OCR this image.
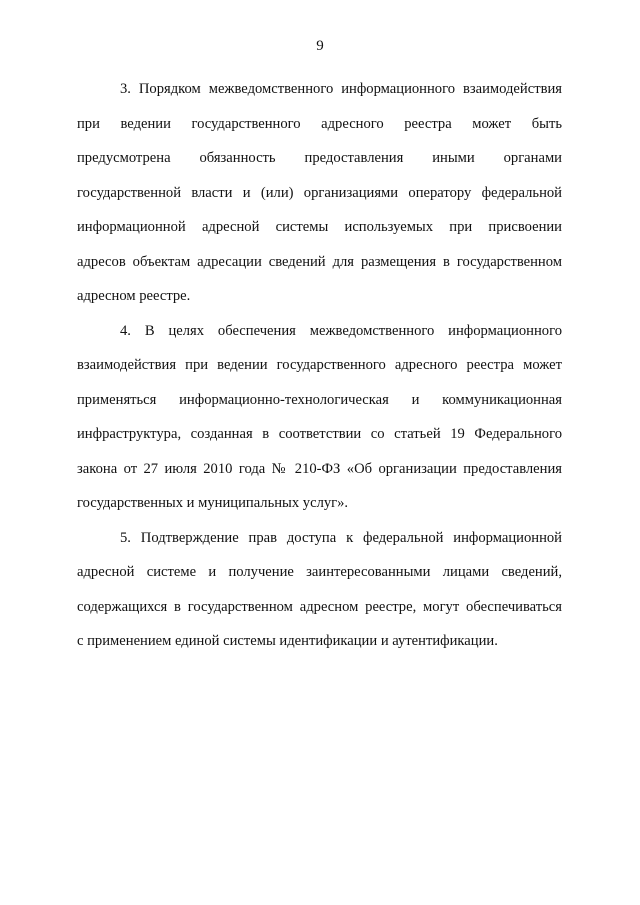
9
3. Порядком межведомственного информационного взаимодействия
при ведении государственного адресного реестра может быть
предусмотрена обязанность предоставления иными органами
государственной власти и (или) организациями оператору федеральной
информационной адресной системы используемых при присвоении
адресов объектам адресации сведений для размещения в государственном
адресном реестре.
4. В целях обеспечения межведомственного информационного
взаимодействия при ведении государственного адресного реестра может
применяться информационно-технологическая и коммуникационная
инфраструктура, созданная в соответствии со статьей 19 Федерального
закона от 27 июля 2010 года № 210-ФЗ «Об организации предоставления
государственных и муниципальных услуг».
5. Подтверждение прав доступа к федеральной информационной
адресной системе и получение заинтересованными лицами сведений,
содержащихся в государственном адресном реестре, могут обеспечиваться
с применением единой системы идентификации и аутентификации.
